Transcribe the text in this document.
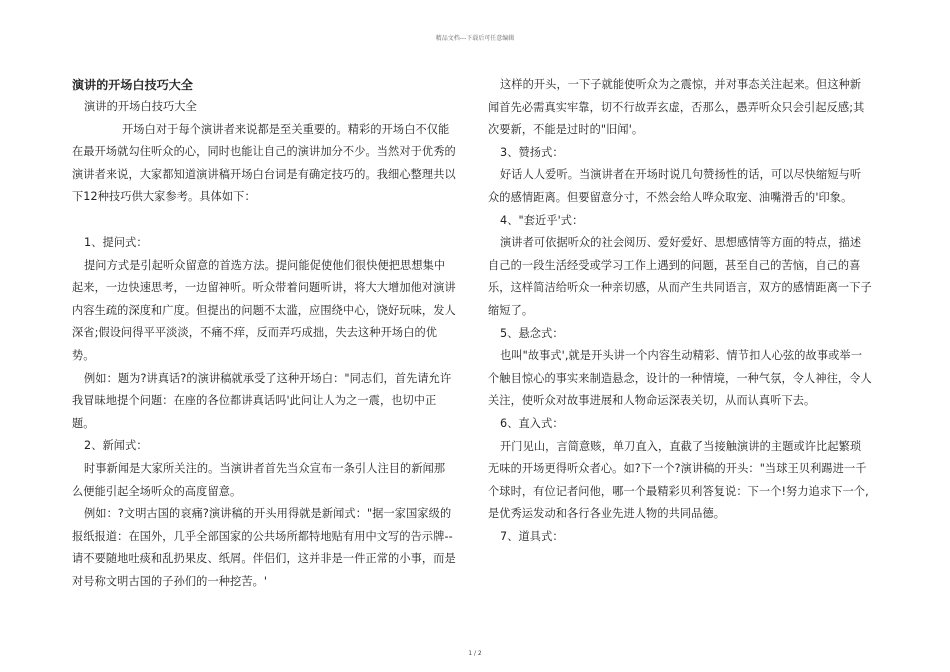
精品文档---下载后可任意编辑

演讲的开场白技巧大全

演讲的开场白技巧大全

开场白对于每个演讲者来说都是至关重要的。精彩的开场白不仅能在最开场就勾住听众的心，同时也能让自己的演讲加分不少。当然对于优秀的演讲者来说，大家都知道演讲稿开场白台词是有确定技巧的。我细心整理共以下12种技巧供大家参考。具体如下：

1、提问式：

提问方式是引起听众留意的首选方法。提问能促使他们很快便把思想集中起来，一边快速思考，一边留神听。听众带着问题听讲，将大大增加他对演讲内容生疏的深度和广度。但提出的问题不太滥，应围绕中心，饶好玩味，发人深省;假设问得平平淡淡，不痛不痒，反而弄巧成拙，失去这种开场白的优势。

例如：题为?讲真话?的演讲稿就承受了这种开场白："同志们，首先请允许我冒昧地提个问题：在座的各位都讲真话吗'此问让人为之一震，也切中正题。

2、新闻式：

时事新闻是大家所关注的。当演讲者首先当众宣布一条引人注目的新闻那么便能引起全场听众的高度留意。

例如：?文明古国的哀痛?演讲稿的开头用得就是新闻式："据一家国家级的报纸报道：在国外，几乎全部国家的公共场所都特地贴有用中文写的告示牌--请不要随地吐痰和乱扔果皮、纸屑。伴侣们，这并非是一件正常的小事，而是对号称文明古国的子孙们的一种挖苦。'

这样的开头，一下子就能使听众为之震惊，并对事态关注起来。但这种新闻首先必需真实牢靠，切不行故弄玄虚，否那么，愚弄听众只会引起反感;其次要新，不能是过时的"旧闻'。

3、赞扬式：

好话人人爱听。当演讲者在开场时说几句赞扬性的话，可以尽快缩短与听众的感情距离。但要留意分寸，不然会给人哗众取宠、油嘴滑舌的'印象。

4、"套近乎'式：

演讲者可依据听众的社会阅历、爱好爱好、思想感情等方面的特点，描述自己的一段生活经受或学习工作上遇到的问题，甚至自己的苦恼，自己的喜乐，这样简洁给听众一种亲切感，从而产生共同语言，双方的感情距离一下子缩短了。

5、悬念式：

也叫"故事式',就是开头讲一个内容生动精彩、情节扣人心弦的故事或举一个触目惊心的事实来制造悬念，设计的一种情境，一种气氛，令人神往，令人关注，使听众对故事进展和人物命运深表关切，从而认真听下去。

6、直入式：

开门见山，言简意赅，单刀直入，直截了当接触演讲的主题或许比起繁琐无味的开场更得听众者心。如?下一个?演讲稿的开头："当球王贝利踢进一千个球时，有位记者问他，哪一个最精彩贝利答复说：下一个!努力追求下一个,是优秀运发动和各行各业先进人物的共同品德。

7、道具式：

1 / 2
